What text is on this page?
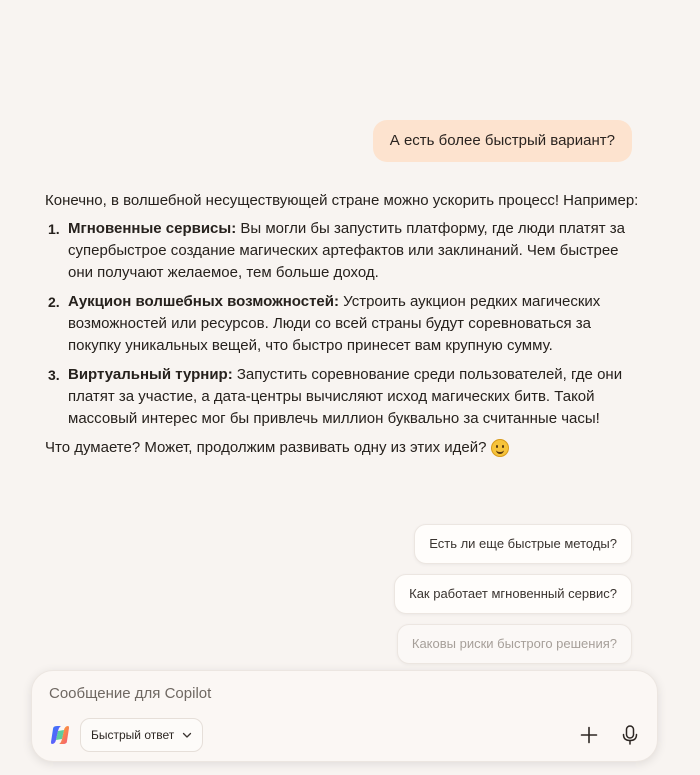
А есть более быстрый вариант?

Конечно, в волшебной несуществующей стране можно ускорить процесс! Например:

1. Мгновенные сервисы: Вы могли бы запустить платформу, где люди платят за супербыстрое создание магических артефактов или заклинаний. Чем быстрее они получают желаемое, тем больше доход.
2. Аукцион волшебных возможностей: Устроить аукцион редких магических возможностей или ресурсов. Люди со всей страны будут соревноваться за покупку уникальных вещей, что быстро принесет вам крупную сумму.
3. Виртуальный турнир: Запустить соревнование среди пользователей, где они платят за участие, а дата-центры вычисляют исход магических битв. Такой массовый интерес мог бы привлечь миллион буквально за считанные часы!

Что думаете? Может, продолжим развивать одну из этих идей?

Есть ли еще быстрые методы?
Как работает мгновенный сервис?
Каковы риски быстрого решения?
Сообщение для Copilot
Быстрый ответ
